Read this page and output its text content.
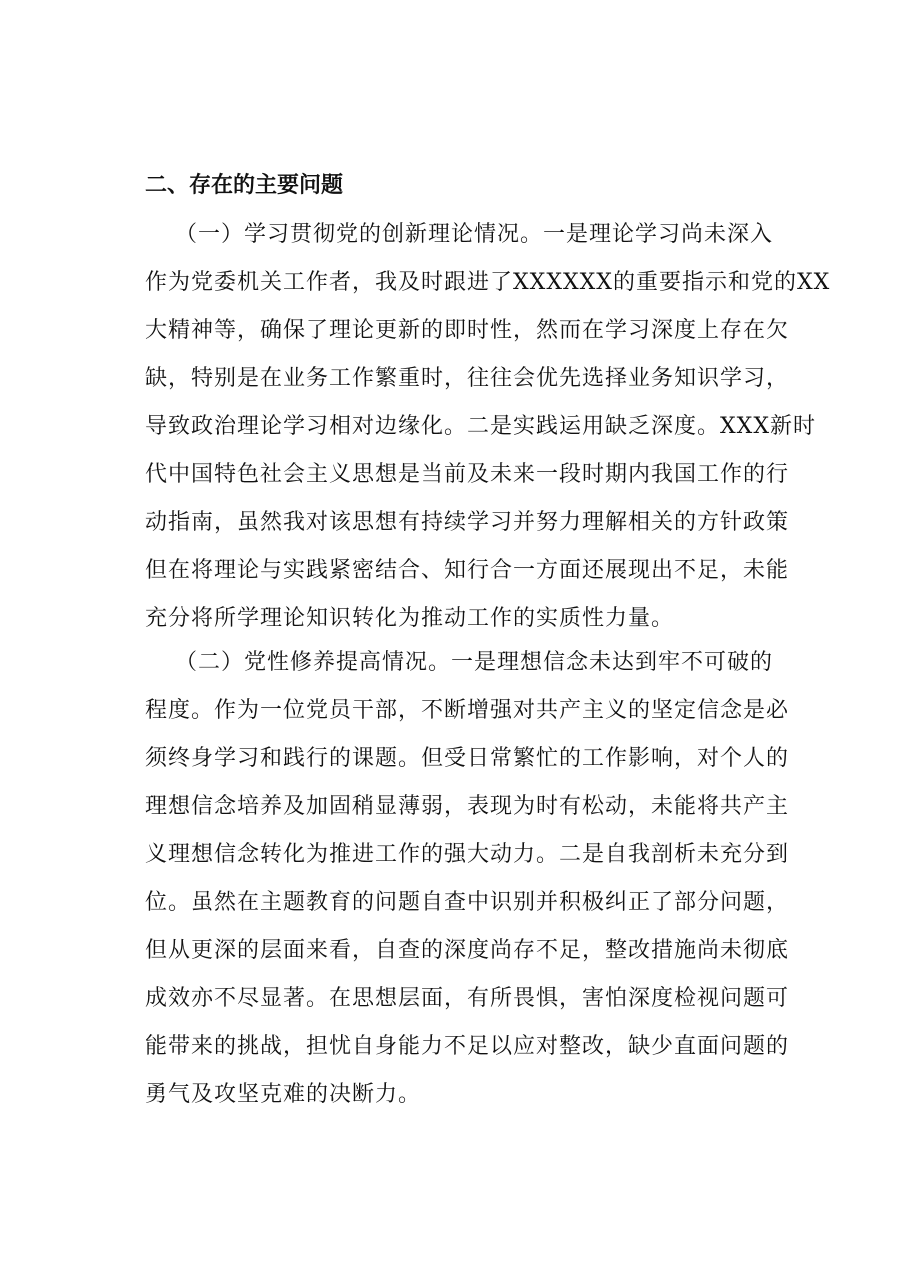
二、存在的主要问题
（一）学习贯彻党的创新理论情况。一是理论学习尚未深入
作为党委机关工作者，我及时跟进了XXXXXX的重要指示和党的XX
大精神等，确保了理论更新的即时性，然而在学习深度上存在欠
缺，特别是在业务工作繁重时，往往会优先选择业务知识学习，
导致政治理论学习相对边缘化。二是实践运用缺乏深度。XXX新时
代中国特色社会主义思想是当前及未来一段时期内我国工作的行
动指南，虽然我对该思想有持续学习并努力理解相关的方针政策
但在将理论与实践紧密结合、知行合一方面还展现出不足，未能
充分将所学理论知识转化为推动工作的实质性力量。
（二）党性修养提高情况。一是理想信念未达到牢不可破的
程度。作为一位党员干部，不断增强对共产主义的坚定信念是必
须终身学习和践行的课题。但受日常繁忙的工作影响，对个人的
理想信念培养及加固稍显薄弱，表现为时有松动，未能将共产主
义理想信念转化为推进工作的强大动力。二是自我剖析未充分到
位。虽然在主题教育的问题自查中识别并积极纠正了部分问题，
但从更深的层面来看，自查的深度尚存不足，整改措施尚未彻底
成效亦不尽显著。在思想层面，有所畏惧，害怕深度检视问题可
能带来的挑战，担忧自身能力不足以应对整改，缺少直面问题的
勇气及攻坚克难的决断力。
